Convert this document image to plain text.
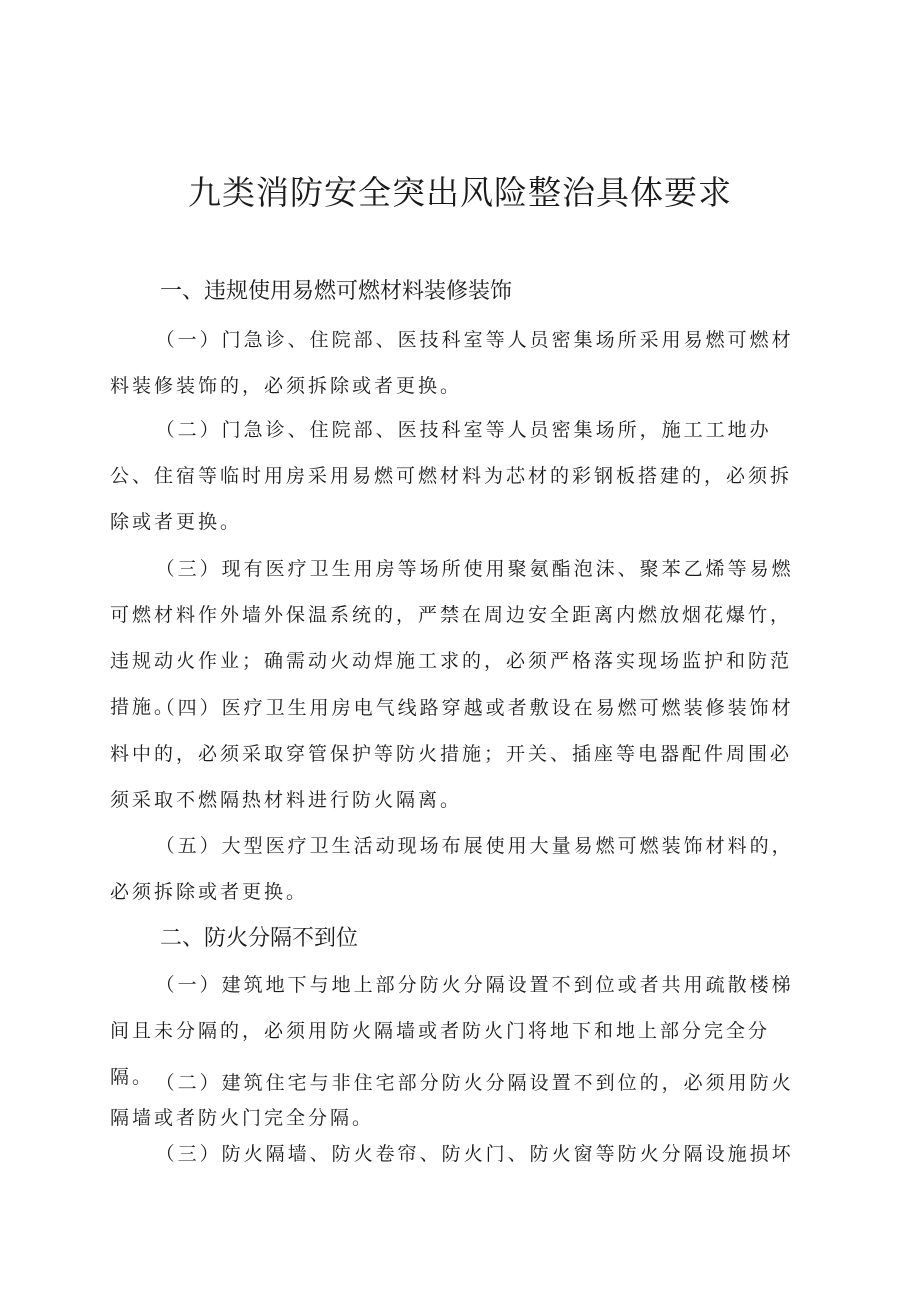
九类消防安全突出风险整治具体要求
一、违规使用易燃可燃材料装修装饰

（一）门急诊、住院部、医技科室等人员密集场所采用易燃可燃材料装修装饰的，必须拆除或者更换。

（二）门急诊、住院部、医技科室等人员密集场所，施工工地办公、住宿等临时用房采用易燃可燃材料为芯材的彩钢板搭建的，必须拆除或者更换。

（三）现有医疗卫生用房等场所使用聚氨酯泡沫、聚苯乙烯等易燃可燃材料作外墙外保温系统的，严禁在周边安全距离内燃放烟花爆竹，违规动火作业；确需动火动焊施工求的，必须严格落实现场监护和防范措施。

（四）医疗卫生用房电气线路穿越或者敷设在易燃可燃装修装饰材料中的，必须采取穿管保护等防火措施；开关、插座等电器配件周围必须采取不燃隔热材料进行防火隔离。

（五）大型医疗卫生活动现场布展使用大量易燃可燃装饰材料的，必须拆除或者更换。

二、防火分隔不到位

（一）建筑地下与地上部分防火分隔设置不到位或者共用疏散楼梯间且未分隔的，必须用防火隔墙或者防火门将地下和地上部分完全分隔。 （二）建筑住宅与非住宅部分防火分隔设置不到位的，必须用防火隔墙或者防火门完全分隔。

（三）防火隔墙、防火卷帘、防火门、防火窗等防火分隔设施损坏
